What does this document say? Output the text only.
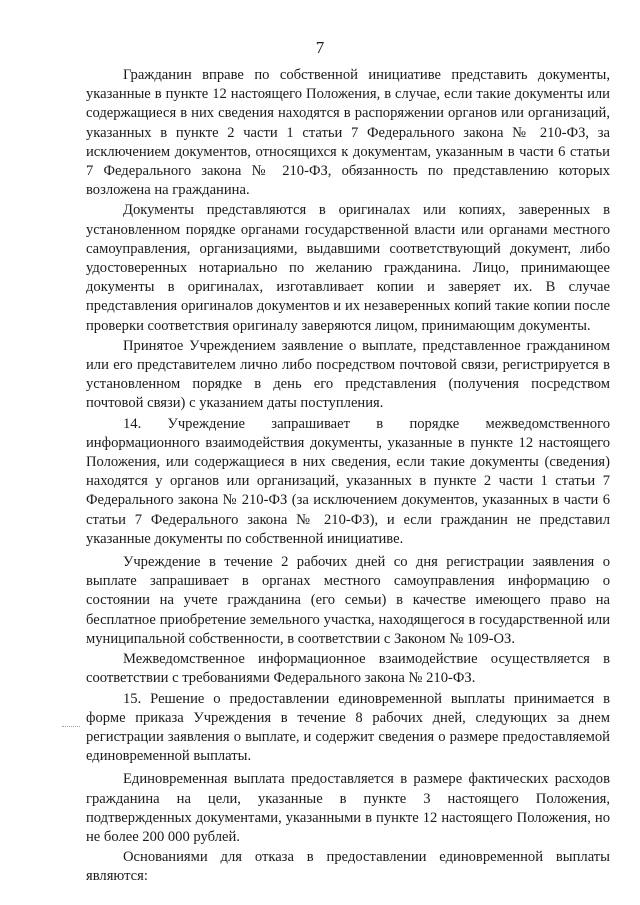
7

Гражданин вправе по собственной инициативе представить документы, указанные в пункте 12 настоящего Положения, в случае, если такие документы или содержащиеся в них сведения находятся в распоряжении органов или организаций, указанных в пункте 2 части 1 статьи 7 Федерального закона № 210-ФЗ, за исключением документов, относящихся к документам, указанным в части 6 статьи 7 Федерального закона № 210-ФЗ, обязанность по представлению которых возложена на гражданина.

Документы представляются в оригиналах или копиях, заверенных в установленном порядке органами государственной власти или органами местного самоуправления, организациями, выдавшими соответствующий документ, либо удостоверенных нотариально по желанию гражданина. Лицо, принимающее документы в оригиналах, изготавливает копии и заверяет их. В случае представления оригиналов документов и их незаверенных копий такие копии после проверки соответствия оригиналу заверяются лицом, принимающим документы.

Принятое Учреждением заявление о выплате, представленное гражданином или его представителем лично либо посредством почтовой связи, регистрируется в установленном порядке в день его представления (получения посредством почтовой связи) с указанием даты поступления.

14. Учреждение запрашивает в порядке межведомственного информационного взаимодействия документы, указанные в пункте 12 настоящего Положения, или содержащиеся в них сведения, если такие документы (сведения) находятся у органов или организаций, указанных в пункте 2 части 1 статьи 7 Федерального закона № 210-ФЗ (за исключением документов, указанных в части 6 статьи 7 Федерального закона № 210-ФЗ), и если гражданин не представил указанные документы по собственной инициативе.

Учреждение в течение 2 рабочих дней со дня регистрации заявления о выплате запрашивает в органах местного самоуправления информацию о состоянии на учете гражданина (его семьи) в качестве имеющего право на бесплатное приобретение земельного участка, находящегося в государственной или муниципальной собственности, в соответствии с Законом № 109-ОЗ.

Межведомственное информационное взаимодействие осуществляется в соответствии с требованиями Федерального закона № 210-ФЗ.

15. Решение о предоставлении единовременной выплаты принимается в форме приказа Учреждения в течение 8 рабочих дней, следующих за днем регистрации заявления о выплате, и содержит сведения о размере предоставляемой единовременной выплаты.

Единовременная выплата предоставляется в размере фактических расходов гражданина на цели, указанные в пункте 3 настоящего Положения, подтвержденных документами, указанными в пункте 12 настоящего Положения, но не более 200 000 рублей.

Основаниями для отказа в предоставлении единовременной выплаты являются:
